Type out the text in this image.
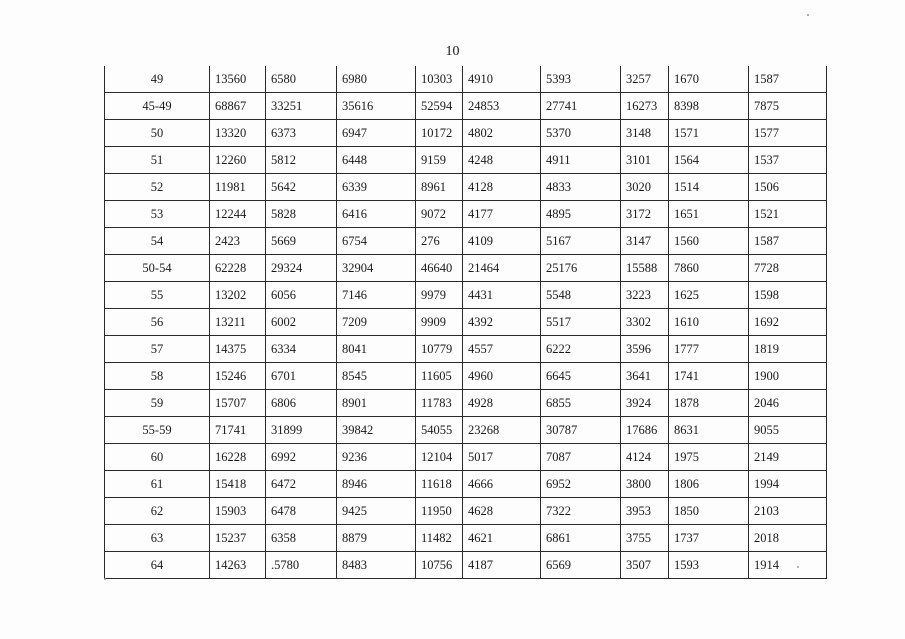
10
49	13560	6580	6980	10303	4910	5393	3257	1670	1587
45-49	68867	33251	35616	52594	24853	27741	16273	8398	7875
50	13320	6373	6947	10172	4802	5370	3148	1571	1577
51	12260	5812	6448	9159	4248	4911	3101	1564	1537
52	11981	5642	6339	8961	4128	4833	3020	1514	1506
53	12244	5828	6416	9072	4177	4895	3172	1651	1521
54	2423	5669	6754	276	4109	5167	3147	1560	1587
50-54	62228	29324	32904	46640	21464	25176	15588	7860	7728
55	13202	6056	7146	9979	4431	5548	3223	1625	1598
56	13211	6002	7209	9909	4392	5517	3302	1610	1692
57	14375	6334	8041	10779	4557	6222	3596	1777	1819
58	15246	6701	8545	11605	4960	6645	3641	1741	1900
59	15707	6806	8901	11783	4928	6855	3924	1878	2046
55-59	71741	31899	39842	54055	23268	30787	17686	8631	9055
60	16228	6992	9236	12104	5017	7087	4124	1975	2149
61	15418	6472	8946	11618	4666	6952	3800	1806	1994
62	15903	6478	9425	11950	4628	7322	3953	1850	2103
63	15237	6358	8879	11482	4621	6861	3755	1737	2018
64	14263	.5780	8483	10756	4187	6569	3507	1593	1914
